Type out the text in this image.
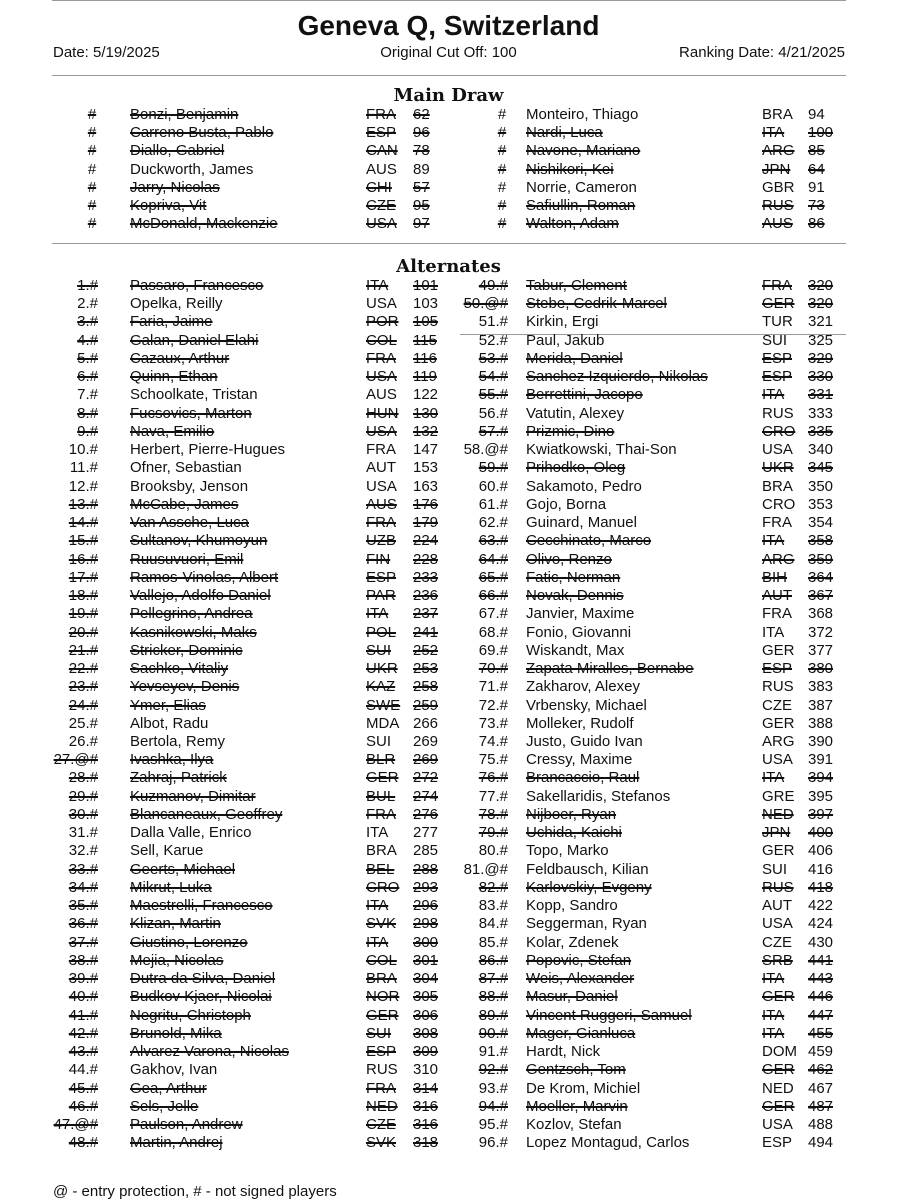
Geneva Q, Switzerland
Date: 5/19/2025	Original Cut Off: 100	Ranking Date: 4/21/2025
Main Draw
# Bonzi, Benjamin	FRA 62
# Carreno Busta, Pablo	ESP 96
# Diallo, Gabriel	CAN 78
# Duckworth, James	AUS 89
# Jarry, Nicolas	CHI 57
# Kopriva, Vit	CZE 95
# McDonald, Mackenzie	USA 97
# Monteiro, Thiago	BRA 94
# Nardi, Luca	ITA 100
# Navone, Mariano	ARG 85
# Nishikori, Kei	JPN 64
# Norrie, Cameron	GBR 91
# Safiullin, Roman	RUS 73
# Walton, Adam	AUS 86
Alternates
1.# Passaro, Francesco	ITA 101
2.# Opelka, Reilly	USA 103
3.# Faria, Jaime	POR 105
4.# Galan, Daniel Elahi	COL 115
5.# Cazaux, Arthur	FRA 116
6.# Quinn, Ethan	USA 119
7.# Schoolkate, Tristan	AUS 122
8.# Fucsovics, Marton	HUN 130
9.# Nava, Emilio	USA 132
10.# Herbert, Pierre-Hugues	FRA 147
11.# Ofner, Sebastian	AUT 153
12.# Brooksby, Jenson	USA 163
13.# McCabe, James	AUS 176
14.# Van Assche, Luca	FRA 179
15.# Sultanov, Khumoyun	UZB 224
16.# Ruusuvuori, Emil	FIN 228
17.# Ramos-Vinolas, Albert	ESP 233
18.# Vallejo, Adolfo Daniel	PAR 236
19.# Pellegrino, Andrea	ITA 237
20.# Kasnikowski, Maks	POL 241
21.# Stricker, Dominic	SUI 252
22.# Sachko, Vitaliy	UKR 253
23.# Yevseyev, Denis	KAZ 258
24.# Ymer, Elias	SWE 259
25.# Albot, Radu	MDA 266
26.# Bertola, Remy	SUI 269
27.@# Ivashka, Ilya	BLR 269
28.# Zahraj, Patrick	GER 272
29.# Kuzmanov, Dimitar	BUL 274
30.# Blancaneaux, Geoffrey	FRA 276
31.# Dalla Valle, Enrico	ITA 277
32.# Sell, Karue	BRA 285
33.# Geerts, Michael	BEL 288
34.# Mikrut, Luka	CRO 293
35.# Maestrelli, Francesco	ITA 296
36.# Klizan, Martin	SVK 298
37.# Giustino, Lorenzo	ITA 300
38.# Mejia, Nicolas	COL 301
39.# Dutra da Silva, Daniel	BRA 304
40.# Budkov Kjaer, Nicolai	NOR 305
41.# Negritu, Christoph	GER 306
42.# Brunold, Mika	SUI 308
43.# Alvarez Varona, Nicolas	ESP 309
44.# Gakhov, Ivan	RUS 310
45.# Gea, Arthur	FRA 314
46.# Sels, Jelle	NED 316
47.@# Paulson, Andrew	CZE 316
48.# Martin, Andrej	SVK 318
49.# Tabur, Clement	FRA 320
50.@# Stebe, Cedrik-Marcel	GER 320
51.# Kirkin, Ergi	TUR 321
52.# Paul, Jakub	SUI 325
53.# Merida, Daniel	ESP 329
54.# Sanchez Izquierdo, Nikolas	ESP 330
55.# Berrettini, Jacopo	ITA 331
56.# Vatutin, Alexey	RUS 333
57.# Prizmic, Dino	CRO 335
58.@# Kwiatkowski, Thai-Son	USA 340
59.# Prihodko, Oleg	UKR 345
60.# Sakamoto, Pedro	BRA 350
61.# Gojo, Borna	CRO 353
62.# Guinard, Manuel	FRA 354
63.# Cecchinato, Marco	ITA 358
64.# Olivo, Renzo	ARG 359
65.# Fatic, Nerman	BIH 364
66.# Novak, Dennis	AUT 367
67.# Janvier, Maxime	FRA 368
68.# Fonio, Giovanni	ITA 372
69.# Wiskandt, Max	GER 377
70.# Zapata Miralles, Bernabe	ESP 380
71.# Zakharov, Alexey	RUS 383
72.# Vrbensky, Michael	CZE 387
73.# Molleker, Rudolf	GER 388
74.# Justo, Guido Ivan	ARG 390
75.# Cressy, Maxime	USA 391
76.# Brancaccio, Raul	ITA 394
77.# Sakellaridis, Stefanos	GRE 395
78.# Nijboer, Ryan	NED 397
79.# Uchida, Kaichi	JPN 400
80.# Topo, Marko	GER 406
81.@# Feldbausch, Kilian	SUI 416
82.# Karlovskiy, Evgeny	RUS 418
83.# Kopp, Sandro	AUT 422
84.# Seggerman, Ryan	USA 424
85.# Kolar, Zdenek	CZE 430
86.# Popovic, Stefan	SRB 441
87.# Weis, Alexander	ITA 443
88.# Masur, Daniel	GER 446
89.# Vincent Ruggeri, Samuel	ITA 447
90.# Mager, Gianluca	ITA 455
91.# Hardt, Nick	DOM 459
92.# Gentzsch, Tom	GER 462
93.# De Krom, Michiel	NED 467
94.# Moeller, Marvin	GER 487
95.# Kozlov, Stefan	USA 488
96.# Lopez Montagud, Carlos	ESP 494
@ - entry protection, # - not signed players
